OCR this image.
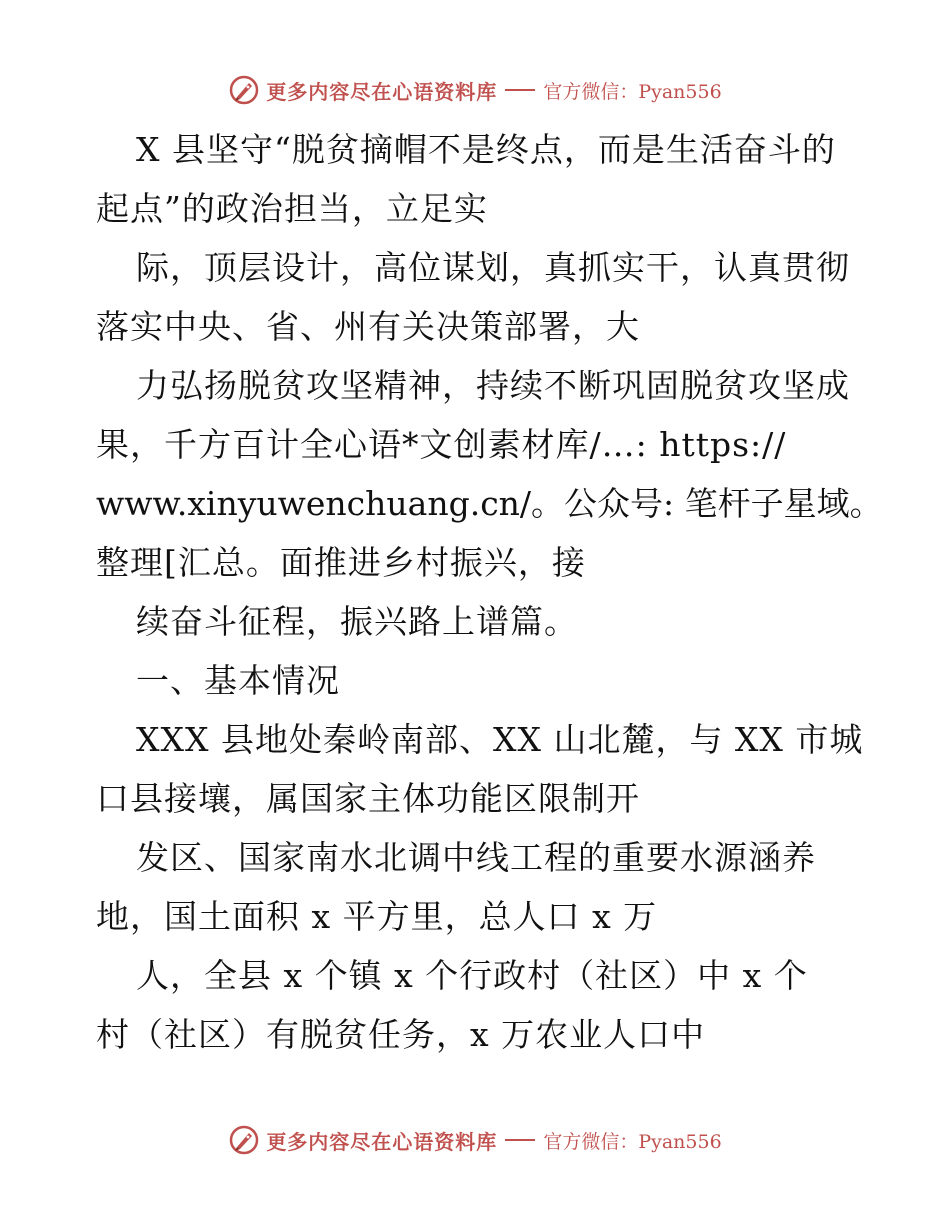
更多内容尽在心语资料库 官方微信：Pyan556
X 县坚守“脱贫摘帽不是终点，而是生活奋斗的
起点”的政治担当，立足实
际，顶层设计，高位谋划，真抓实干，认真贯彻
落实中央、省、州有关决策部署，大
力弘扬脱贫攻坚精神，持续不断巩固脱贫攻坚成
果，千方百计全心语*文创素材库/…: https://
www.xinyuwenchuang.cn/。公众号: 笔杆子星域。
整理[汇总。面推进乡村振兴，接
续奋斗征程，振兴路上谱篇。
一、基本情况
XXX 县地处秦岭南部、XX 山北麓，与 XX 市城
口县接壤，属国家主体功能区限制开
发区、国家南水北调中线工程的重要水源涵养
地，国土面积 x 平方里，总人口 x 万
人，全县 x 个镇 x 个行政村（社区）中 x 个
村（社区）有脱贫任务，x 万农业人口中
更多内容尽在心语资料库 官方微信：Pyan556
